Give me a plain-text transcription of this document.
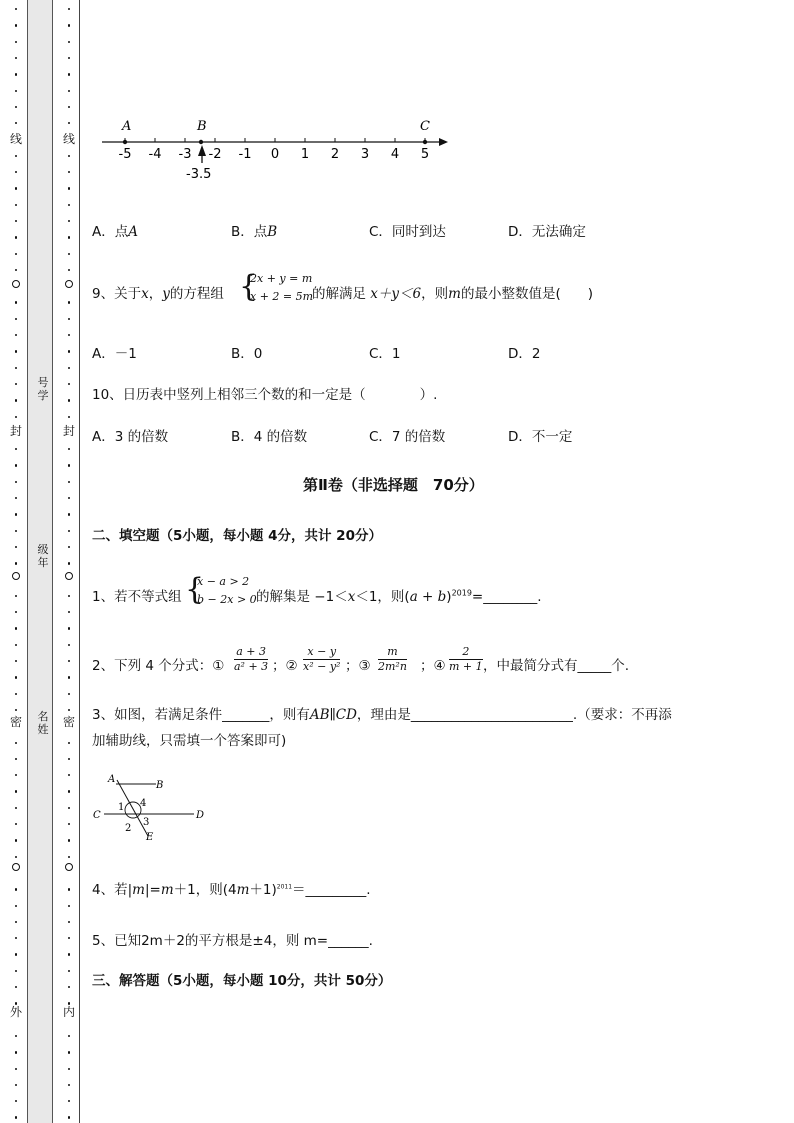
线
封
密
外
线
封
密
内
号
学
级
年
名
姓
-5 -4 -3 -2 -1 0 1 2 3 4 5
A	B	C
-3.5
A．点A	B．点B	C．同时到达	D．无法确定
9、关于x，y的方程组 {
2x + y = m
x + 2 = 5m
的解满足 x＋y＜6，则m的最小整数值是(　　)
A．－1	B．0	C．1	D．2
10、日历表中竖列上相邻三个数的和一定是（　　　　）.
A．3 的倍数	B．4 的倍数	C．7 的倍数	D．不一定
第Ⅱ卷（非选择题　70分）
二、填空题（5小题，每小题 4分，共计 20分）
1、若不等式组 {
x − a > 2
b − 2x > 0 的解集是 −1＜x＜1，则$(a + b)^{2019}=\_\_\_\_\_\_\_\_$.
2、下列 4 个分式：① $\frac{a + 3}{\text{a² + 3}}$ ；② $\frac{x - y}{\text{x² − y²}}$ ；③ $\frac{m}{\text{2m²n}}$ ；④ $\frac{2}{m + 1}$ ，中最简分式有_____个.
3、如图，若满足条件_______，则有AB∥CD，理由是________________________.（要求：不再添
加辅助线，只需填一个答案即可)
A
B
C	D
E
1
2
3
4
4、若|m|=m＋1，则$(4m+1)^{2011}=\_\_\_\_\_\_\_\_\_$.
5、已知2m＋2的平方根是±4，则 m=______.
三、解答题（5小题，每小题 10分，共计 50分）
